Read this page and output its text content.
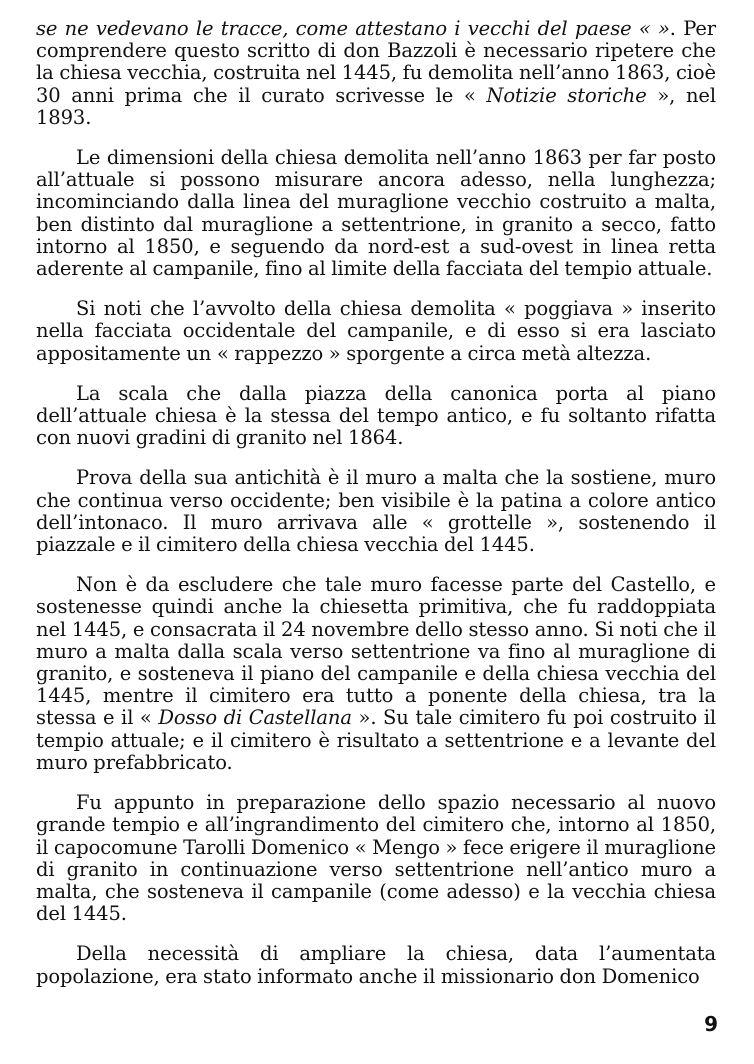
se ne vedevano le tracce, come attestano i vecchi del paese « ». Per comprendere questo scritto di don Bazzoli è necessario ripetere che la chiesa vecchia, costruita nel 1445, fu demolita nell’anno 1863, cioè 30 anni prima che il curato scrivesse le « Notizie storiche », nel 1893.

Le dimensioni della chiesa demolita nell’anno 1863 per far posto all’attuale si possono misurare ancora adesso, nella lunghezza; incominciando dalla linea del muraglione vecchio costruito a malta, ben distinto dal muraglione a settentrione, in granito a secco, fatto intorno al 1850, e seguendo da nord-est a sud-ovest in linea retta aderente al campanile, fino al limite della facciata del tempio attuale.

Si noti che l’avvolto della chiesa demolita « poggiava » inserito nella facciata occidentale del campanile, e di esso si era lasciato appositamente un « rappezzo » sporgente a circa metà altezza.

La scala che dalla piazza della canonica porta al piano dell’attuale chiesa è la stessa del tempo antico, e fu soltanto rifatta con nuovi gradini di granito nel 1864.

Prova della sua antichità è il muro a malta che la sostiene, muro che continua verso occidente; ben visibile è la patina a colore antico dell’intonaco. Il muro arrivava alle « grottelle », sostenendo il piazzale e il cimitero della chiesa vecchia del 1445.

Non è da escludere che tale muro facesse parte del Castello, e sostenesse quindi anche la chiesetta primitiva, che fu raddoppiata nel 1445, e consacrata il 24 novembre dello stesso anno. Si noti che il muro a malta dalla scala verso settentrione va fino al muraglione di granito, e sosteneva il piano del campanile e della chiesa vecchia del 1445, mentre il cimitero era tutto a ponente della chiesa, tra la stessa e il « Dosso di Castellana ». Su tale cimitero fu poi costruito il tempio attuale; e il cimitero è risultato a settentrione e a levante del muro prefabbricato.

Fu appunto in preparazione dello spazio necessario al nuovo grande tempio e all’ingrandimento del cimitero che, intorno al 1850, il capocomune Tarolli Domenico « Mengo » fece erigere il muraglione di granito in continuazione verso settentrione nell’antico muro a malta, che sosteneva il campanile (come adesso) e la vecchia chiesa del 1445.

Della necessità di ampliare la chiesa, data l’aumentata popolazione, era stato informato anche il missionario don Domenico

9
